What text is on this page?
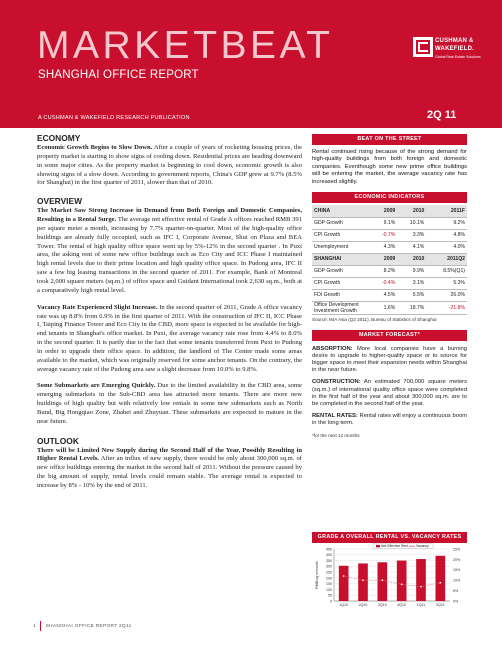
MARKETBEAT
SHANGHAI OFFICE REPORT
A CUSHMAN & WAKEFIELD RESEARCH PUBLICATION	2Q 11
CUSHMAN &
WAKEFIELD.
Global Real Estate Solutions
ECONOMY

Economic Growth Begins to Slow Down. After a couple of years of rocketing housing prices, the property market is starting to show signs of cooling down. Residential prices are heading downward in some major cities. As the property market is beginning to cool down, economic growth is also showing signs of a slow down. According to government reports, China's GDP grew at 9.7% (8.5% for Shanghai) in the first quarter of 2011, slower than that of 2010.

OVERVIEW

The Market Saw Strong Increase in Demand from Both Foreign and Domestic Companies, Resulting in a Rental Surge. The average net effective rental of Grade A offices reached RMB 391 per square meter a month, increasing by 7.7% quarter-on-quarter. Most of the high-quality office buildings are already fully occupied, such as IFC I, Corporate Avenue, Shui on Plaza and BEA Tower. The rental of high quality office space went up by 5%-12% in the second quarter . In Puxi area, the asking rent of some new office buildings such as Eco City and ICC Phase I maintained high rental levels due to their prime location and high quality office space. In Pudong area, IFC II saw a few big leasing transactions in the second quarter of 2011. For example, Bank of Montreal took 2,000 square meters (sq.m.) of office space and Guidant International took 2,630 sq.m., both at a comparatively high rental level.

Vacancy Rate Experienced Slight Increase. In the second quarter of 2011, Grade A office vacancy rate was up 8.8% from 6.9% in the first quarter of 2011. With the construction of IFC II, ICC Phase I, Taiping Finance Tower and Eco City in the CBD, more space is expected to be available for high-end tenants in Shanghai's office market. In Puxi, the average vacancy rate rose from 4.4% to 8.0% in the second quarter. It is partly due to the fact that some tenants transferred from Puxi to Pudong in order to upgrade their office space. In addition, the landlord of The Center made some areas available to the market, which was originally reserved for some anchor tenants. On the contrary, the average vacancy rate of the Pudong area saw a slight decrease from 10.0% to 9.8%.

Some Submarkets are Emerging Quickly. Due to the limited availability in the CBD area, some emerging submarkets in the Sub-CBD area has attracted more tenants. There are more new buildings of high quality but with relatively low rentals in some new submarkets such as North Bund, Big Hongqiao Zone, Zhabei and Zhuyuan. These submarkets are expected to mature in the near future.

OUTLOOK

There will be Limited New Supply during the Second Half of the Year, Possibly Resulting in Higher Rental Levels. After an influx of new supply, there would be only about 300,000 sq.m. of new office buildings entering the market in the second half of 2011. Without the pressure caused by the big amount of supply, rental levels could remain stable. The average rental is expected to increase by 8% - 10% by the end of 2011.

BEAT ON THE STREET

Rental continued rising because of the strong demand for high-quality buildings from both foreign and domestic companies. Eventhough some new prime office buildings will be entering the market, the average vacancy rate has increased slightly.

ECONOMIC INDICATORS
CHINA	2009	2010	2011F
GDP Growth	9.1%	10.1%	9.2%
CPI Growth	-0.7%	3.3%	4.8%
Unemployment	4.3%	4.1%	4.0%
SHANGHAI	2009	2010	2011Q2
GDP Growth	8.2%	9.9%	8.5%(Q1)
CPI Growth	-0.4%	3.1%	5.3%
FDI Growth	4.5%	5.5%	26.0%
Office Development Investment Growth	1.6%	18.7%	-21.8%
Source: IMA Asia (Q2 2011), Bureau of Statistics of Shanghai
MARKET FORECAST*

ABSORPTION: More local companies have a burning desire to upgrade to higher-quality space or to source for bigger space to meet their expansion needs within Shanghai in the near future.

CONSTRUCTION: An estimated 700,000 square meters (sq.m.) of international quality office space were completed in the first half of the year and about 300,000 sq.m. are to be completed in the second half of the year.

RENTAL RATES: Rental rates will enjoy a continuous boom in the long term.

*for the next 12 months
GRADE A OVERALL RENTAL VS. VACANCY RATES
0
50
100
150
200
250
300
350
400
450
0%
5%
10%
15%
20%
25%
RMB/sq.m/month
1Q10	2Q10	3Q10	4Q10	1Q11	2Q11
Net Effective Rent Vacancy
1 SHANGHAI OFFICE REPORT 2Q11
